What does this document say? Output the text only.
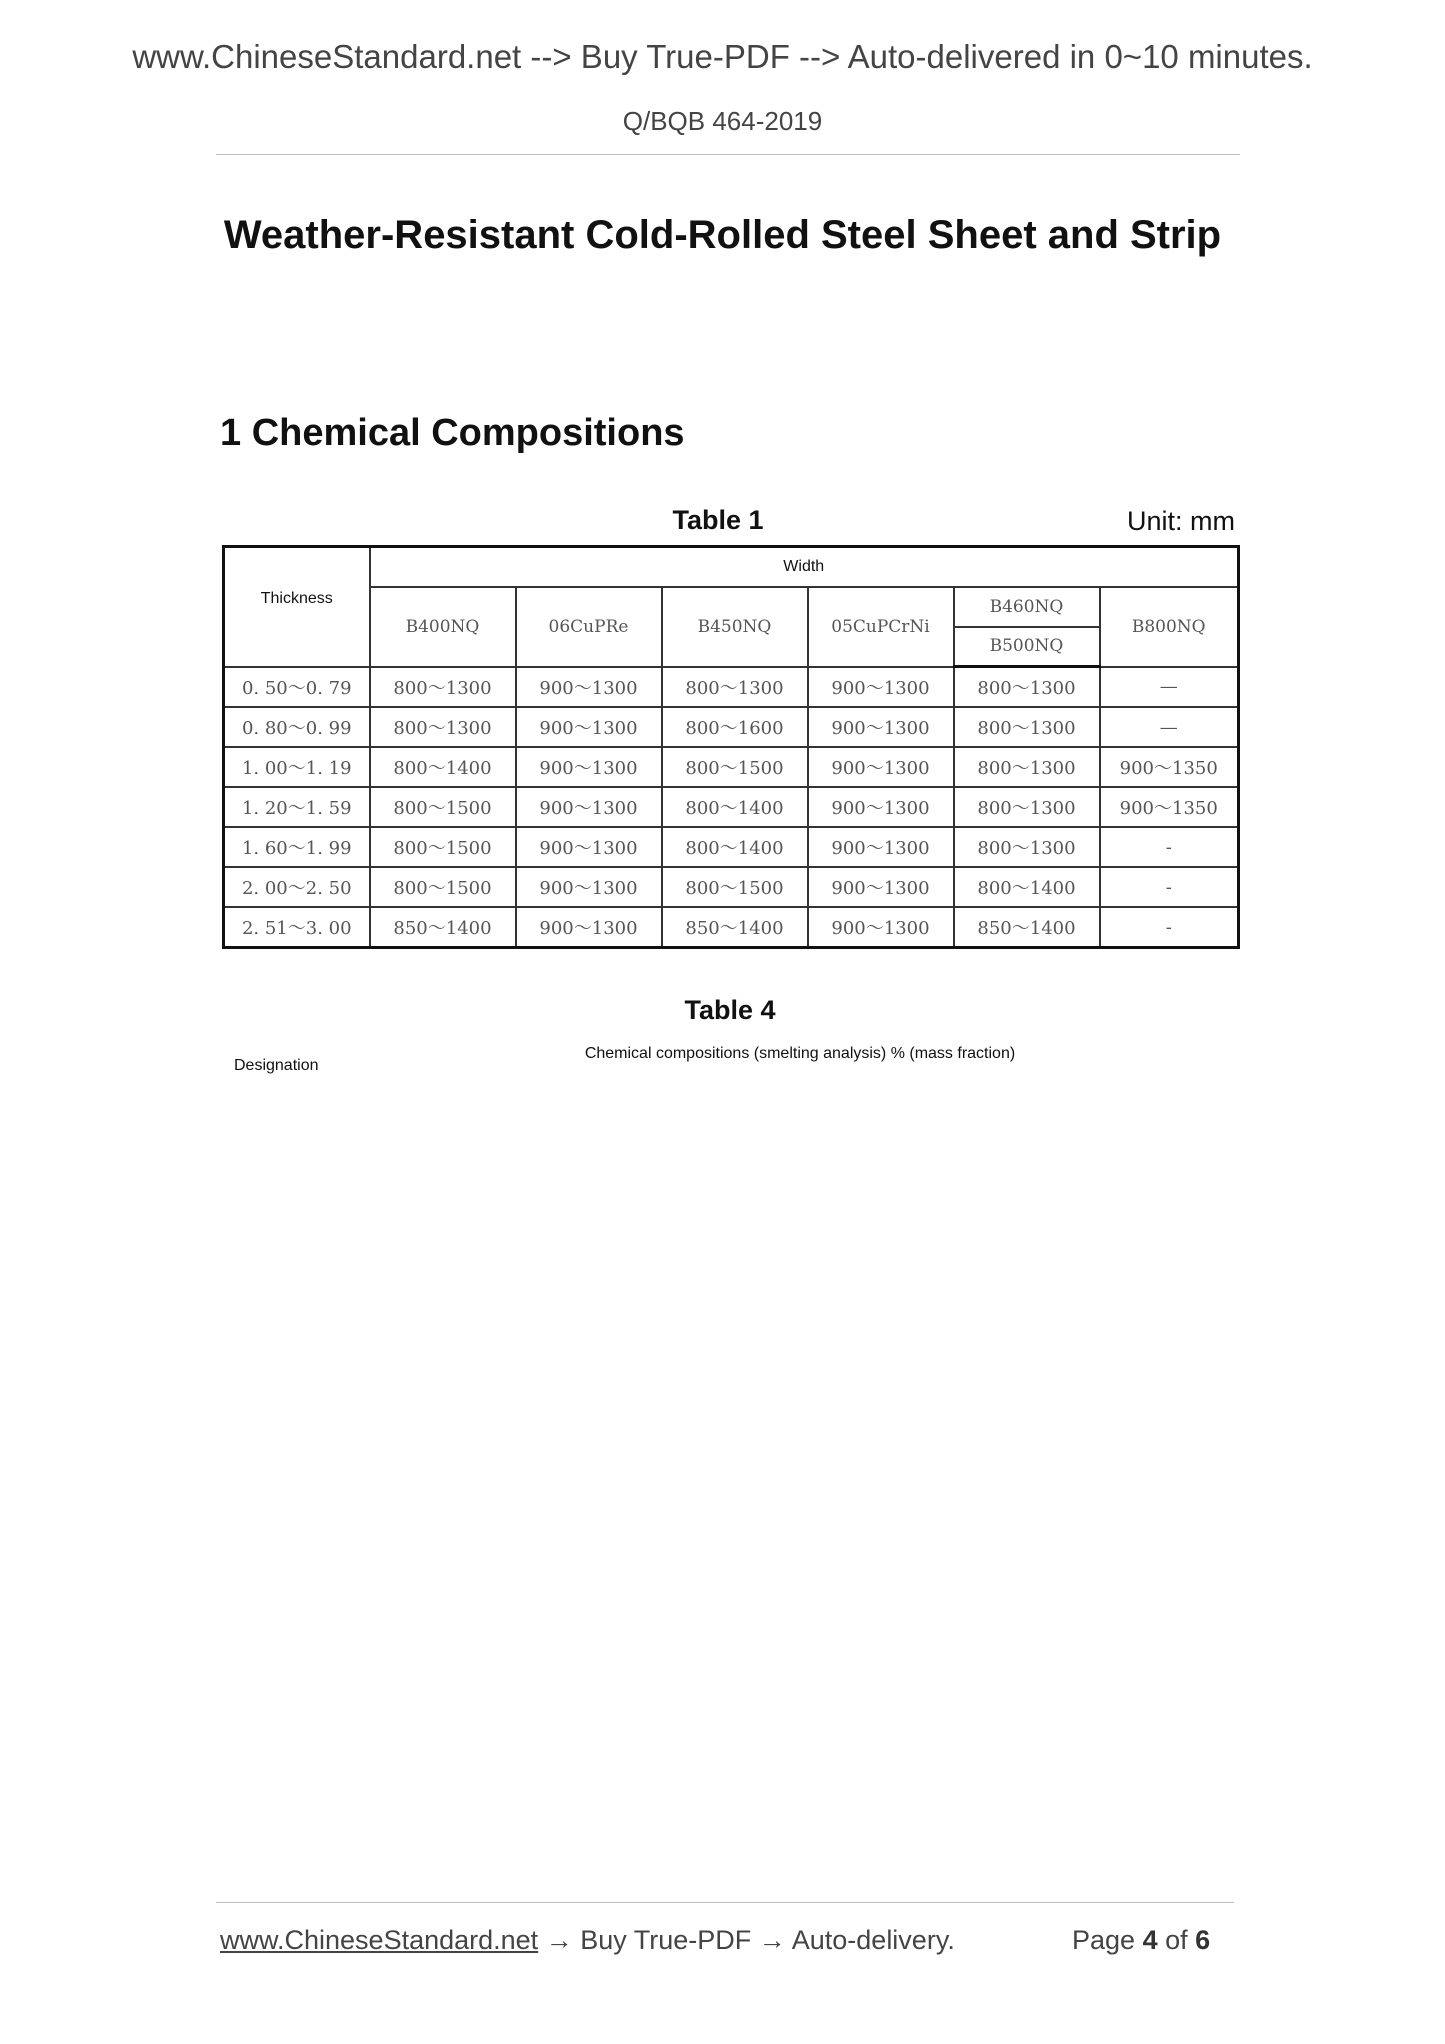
www.ChineseStandard.net --> Buy True-PDF --> Auto-delivered in 0~10 minutes.
Q/BQB 464-2019
Weather-Resistant Cold-Rolled Steel Sheet and Strip
1 Chemical Compositions
Table 1	Unit: mm
Thickness	Width					
	B400NQ	06CuPRe	B450NQ	05CuPCrNi	B460NQ	B800NQ
					B500NQ	
0. 50～0. 79	800～1300	900～1300	800～1300	900～1300	800～1300	—
0. 80～0. 99	800～1300	900～1300	800～1600	900～1300	800～1300	—
1. 00～1. 19	800～1400	900～1300	800～1500	900～1300	800～1300	900～1350
1. 20～1. 59	800～1500	900～1300	800～1400	900～1300	800～1300	900～1350
1. 60～1. 99	800～1500	900～1300	800～1400	900～1300	800～1300	-
2. 00～2. 50	800～1500	900～1300	800～1500	900～1300	800～1400	-
2. 51～3. 00	850～1400	900～1300	850～1400	900～1300	850～1400	-
Table 4
Designation
Chemical compositions (smelting analysis) % (mass fraction)
www.ChineseStandard.net → Buy True-PDF → Auto-delivery.	Page 4 of 6
